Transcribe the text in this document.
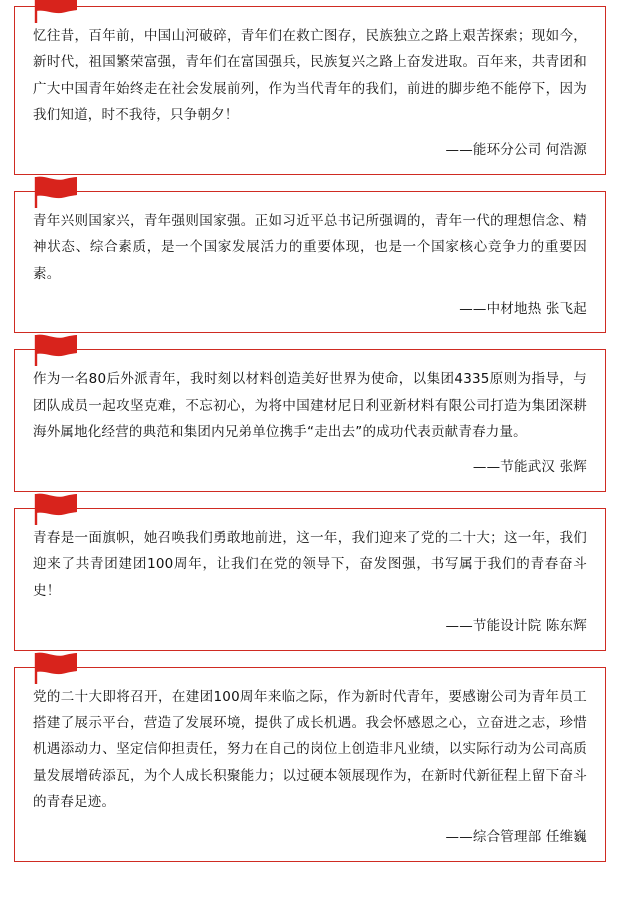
忆往昔，百年前，中国山河破碎，青年们在救亡图存，民族独立之路上艰苦探索；现如今，新时代，祖国繁荣富强，青年们在富国强兵，民族复兴之路上奋发进取。百年来，共青团和广大中国青年始终走在社会发展前列，作为当代青年的我们，前进的脚步绝不能停下，因为我们知道，时不我待，只争朝夕！

——能环分公司 何浩源

青年兴则国家兴，青年强则国家强。正如习近平总书记所强调的，青年一代的理想信念、精神状态、综合素质，是一个国家发展活力的重要体现，也是一个国家核心竞争力的重要因素。

——中材地热 张飞起

作为一名80后外派青年，我时刻以材料创造美好世界为使命，以集团4335原则为指导，与团队成员一起攻坚克难，不忘初心，为将中国建材尼日利亚新材料有限公司打造为集团深耕海外属地化经营的典范和集团内兄弟单位携手“走出去”的成功代表贡献青春力量。

——节能武汉 张辉

青春是一面旗帜，她召唤我们勇敢地前进，这一年，我们迎来了党的二十大；这一年，我们迎来了共青团建团100周年，让我们在党的领导下，奋发图强，书写属于我们的青春奋斗史！

——节能设计院 陈东辉

党的二十大即将召开，在建团100周年来临之际，作为新时代青年，要感谢公司为青年员工搭建了展示平台，营造了发展环境，提供了成长机遇。我会怀感恩之心，立奋进之志，珍惜机遇添动力、坚定信仰担责任，努力在自己的岗位上创造非凡业绩，以实际行动为公司高质量发展增砖添瓦，为个人成长积聚能力；以过硬本领展现作为，在新时代新征程上留下奋斗的青春足迹。

——综合管理部 任维巍
